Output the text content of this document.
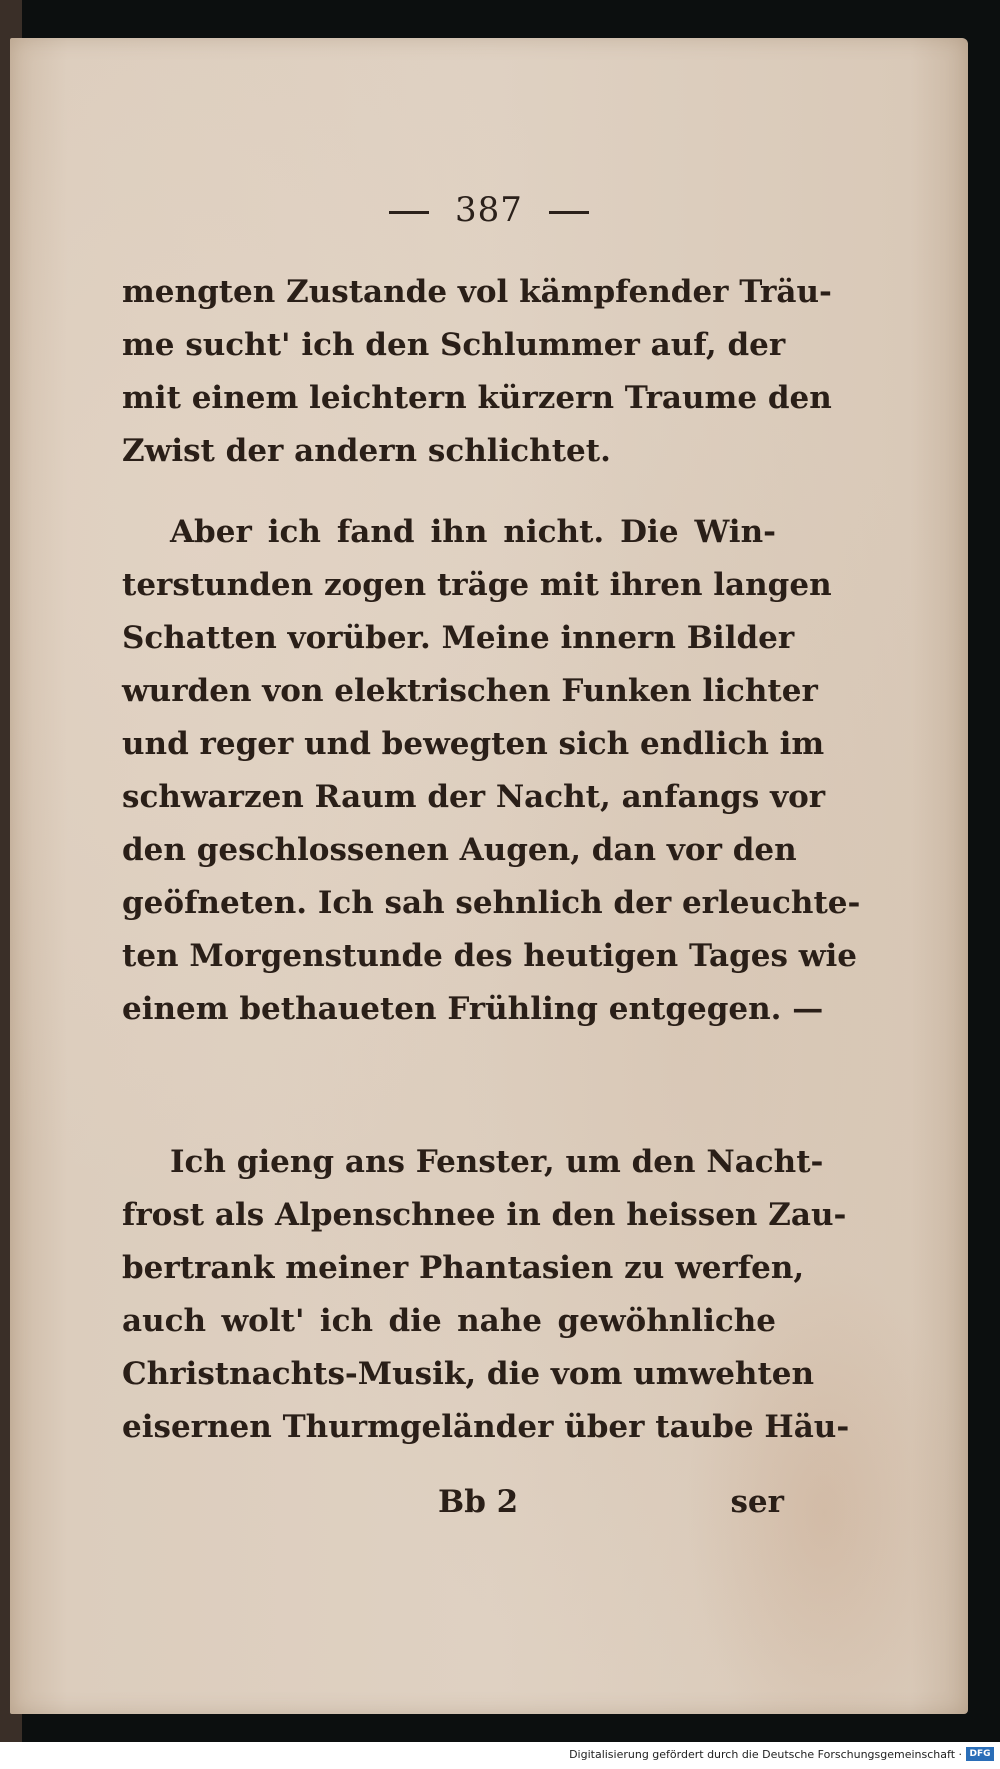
387
mengten Zustande vol kämpfender Träu-
me sucht' ich den Schlummer auf, der
mit einem leichtern kürzern Traume den
Zwist der andern schlichtet.
Aber ich fand ihn nicht. Die Win-
terstunden zogen träge mit ihren langen
Schatten vorüber. Meine innern Bilder
wurden von elektrischen Funken lichter
und reger und bewegten sich endlich im
schwarzen Raum der Nacht, anfangs vor
den geschlossenen Augen, dan vor den
geöfneten. Ich sah sehnlich der erleuchte-
ten Morgenstunde des heutigen Tages wie
einem bethaueten Frühling entgegen. —
Ich gieng ans Fenster, um den Nacht-
frost als Alpenschnee in den heissen Zau-
bertrank meiner Phantasien zu werfen,
auch wolt' ich die nahe gewöhnliche
Christnachts-Musik, die vom umwehten
eisernen Thurmgeländer über taube Häu-
Bb 2	ser
Digitalisierung gefördert durch die Deutsche Forschungsgemeinschaft · DFG
